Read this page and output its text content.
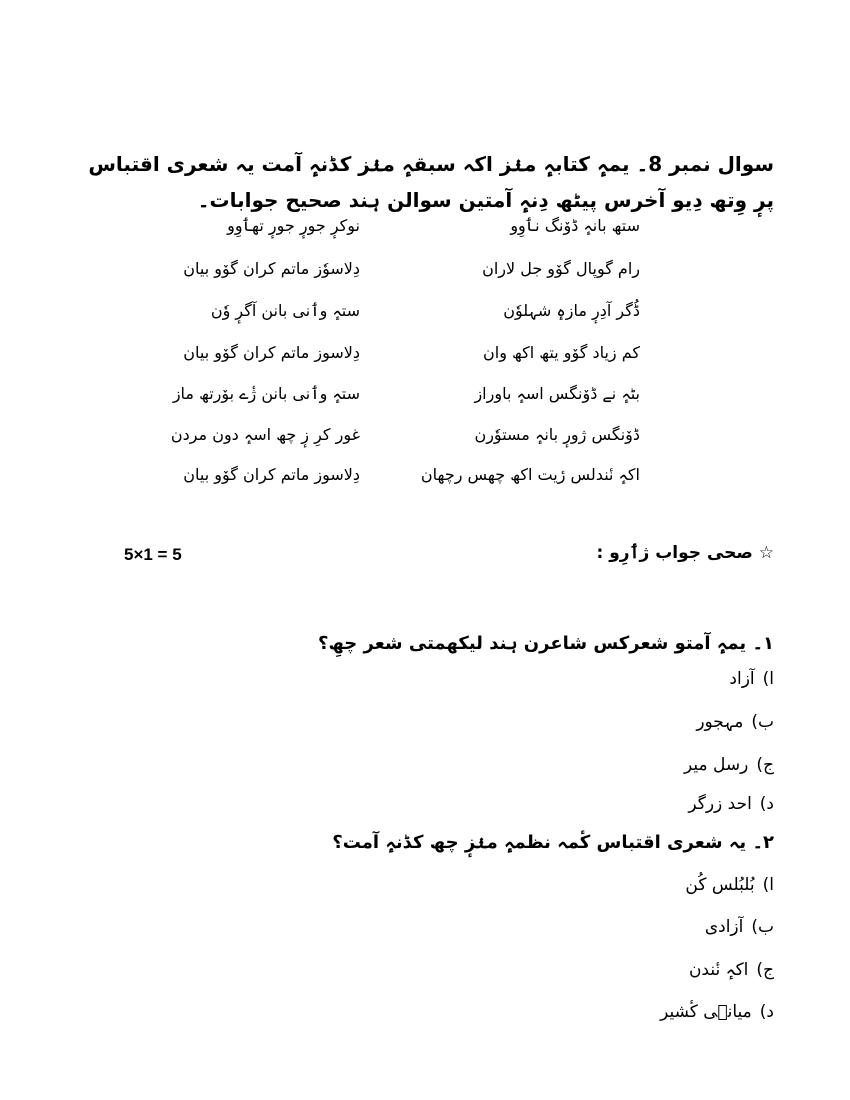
سوال نمبر 8۔ یمہٕ کتابہٕ منٛز اکہ سبقہٕ منٛز کڈنہٕ آمت یہ شعری اقتباس پرٕ وِتھ دِیو آخرس پیٹھ دِنہٕ آمتین سوالن ہند صحیح جوابات۔
ستھ بانہٕ ڈوٚنگ نٲوِو
نوکرٕ جورٕ جورٕ تھٲوِو
رام گوپال گوٚو جل لاران
دِلاسوٗز ماتم کران گوٚو بیان
ڈُگر آدِرٕ مازہٕ شہلوٗن
ستہٕ وٲنی بانن آگرٕ وٗن
کم زیاد گوٚو یتھ اکھ وان
دِلاسوز ماتم کران گوٚو بیان
بٹہٕ نے ڈوٚنگس اسہٕ باوراز
ستہٕ وٲنی بانن ژٔے بوٚرتھ ماز
ڈوٚنگس ژورٕ بانہٕ مستوٗرن
غور کرِ زٕ چھ اسہٕ دون مردن
اکہٕ نٔندلس رٔیت اکھ چھس رچھان
دِلاسوز ماتم کران گوٚو بیان
☆ صحی جواب ژٲرِو :
5×1 = 5
۱۔ یمہٕ آمتو شعرکس شاعرن ہند لیکھمتی شعر چھِ؟
ا)آزاد
ب)مہجور
ج)رسل میر
د)احد زرگر
۲۔ یہ شعری اقتباس کٔمہ نظمہٕ منٛزٕ چھ کڈنہٕ آمت؟
ا)بُلبُلس کُن
ب)آزادی
ج)اکہٕ نٔندن
د)میانٛی کٔشیر
